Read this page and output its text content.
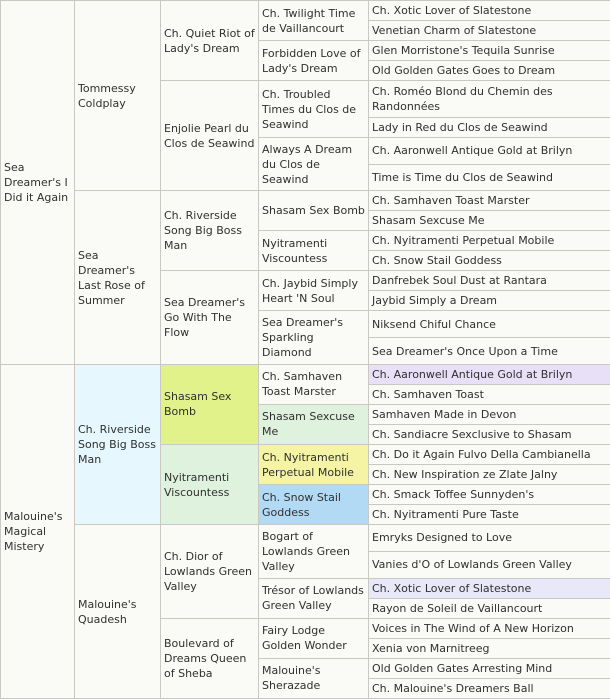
Sea Dreamer's I Did it Again	Tommessy Coldplay	Ch. Quiet Riot of Lady's Dream	Ch. Twilight Time de Vaillancourt	Ch. Xotic Lover of Slatestone
				Venetian Charm of Slatestone
			Forbidden Love of Lady's Dream	Glen Morristone's Tequila Sunrise
				Old Golden Gates Goes to Dream
		Enjolie Pearl du Clos de Seawind	Ch. Troubled Times du Clos de Seawind	Ch. Roméo Blond du Chemin des Randonnées
				Lady in Red du Clos de Seawind
			Always A Dream du Clos de Seawind	Ch. Aaronwell Antique Gold at Brilyn
				Time is Time du Clos de Seawind
	Sea Dreamer's Last Rose of Summer	Ch. Riverside Song Big Boss Man	Shasam Sex Bomb	Ch. Samhaven Toast Marster
				Shasam Sexcuse Me
			Nyitramenti Viscountess	Ch. Nyitramenti Perpetual Mobile
				Ch. Snow Stail Goddess
		Sea Dreamer's Go With The Flow	Ch. Jaybid Simply Heart 'N Soul	Danfrebek Soul Dust at Rantara
				Jaybid Simply a Dream
			Sea Dreamer's Sparkling Diamond	Niksend Chiful Chance
				Sea Dreamer's Once Upon a Time
Malouine's Magical Mistery	Ch. Riverside Song Big Boss Man	Shasam Sex Bomb	Ch. Samhaven Toast Marster	Ch. Aaronwell Antique Gold at Brilyn
				Ch. Samhaven Toast
			Shasam Sexcuse Me	Samhaven Made in Devon
				Ch. Sandiacre Sexclusive to Shasam
		Nyitramenti Viscountess	Ch. Nyitramenti Perpetual Mobile	Ch. Do it Again Fulvo Della Cambianella
				Ch. New Inspiration ze Zlate Jalny
			Ch. Snow Stail Goddess	Ch. Smack Toffee Sunnyden's
				Ch. Nyitramenti Pure Taste
	Malouine's Quadesh	Ch. Dior of Lowlands Green Valley	Bogart of Lowlands Green Valley	Emryks Designed to Love
				Vanies d'O of Lowlands Green Valley
			Trésor of Lowlands Green Valley	Ch. Xotic Lover of Slatestone
				Rayon de Soleil de Vaillancourt
		Boulevard of Dreams Queen of Sheba	Fairy Lodge Golden Wonder	Voices in The Wind of A New Horizon
				Xenia von Marnitreeg
			Malouine's Sherazade	Old Golden Gates Arresting Mind
				Ch. Malouine's Dreamers Ball
